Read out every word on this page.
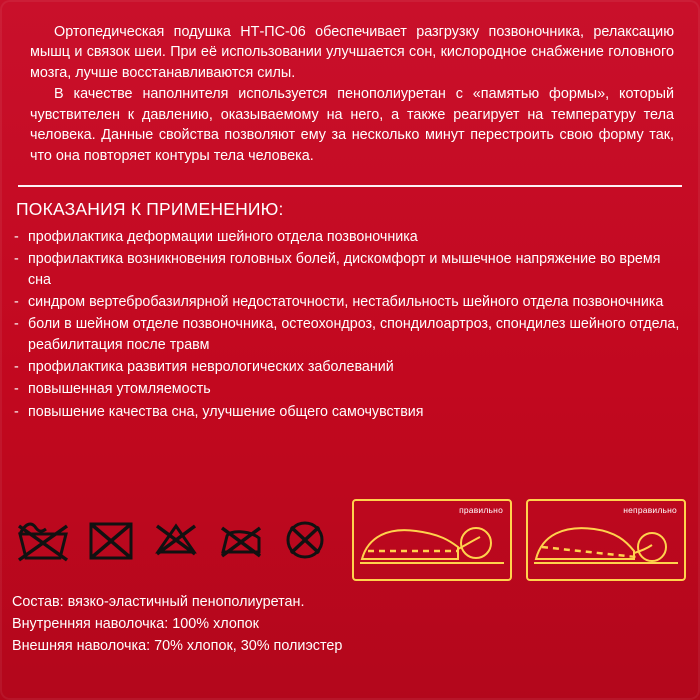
Ортопедическая подушка НТ-ПС-06 обеспечивает разгрузку позвоночника, релаксацию мышц и связок шеи. При её использовании улучшается сон, кислородное снабжение головного мозга, лучше восстанавливаются силы.

В качестве наполнителя используется пенополиуретан с «памятью формы», который чувствителен к давлению, оказываемому на него, а также реагирует на температуру тела человека. Данные свойства позволяют ему за несколько минут перестроить свою форму так, что она повторяет контуры тела человека.

ПОКАЗАНИЯ К ПРИМЕНЕНИЮ:
- профилактика деформации шейного отдела позвоночника
- профилактика возникновения головных болей, дискомфорт и мышечное напряжение во время сна
- синдром вертебробазилярной недостаточности, нестабильность шейного отдела позвоночника
- боли в шейном отделе позвоночника, остеохондроз, спондилоартроз, спондилез шейного отдела, реабилитация после травм
- профилактика развития неврологических заболеваний
- повышенная утомляемость
- повышение качества сна, улучшение общего самочувствия
правильно	неправильно
Состав: вязко-эластичный пенополиуретан.
Внутренняя наволочка: 100% хлопок
Внешняя наволочка: 70% хлопок, 30% полиэстер
